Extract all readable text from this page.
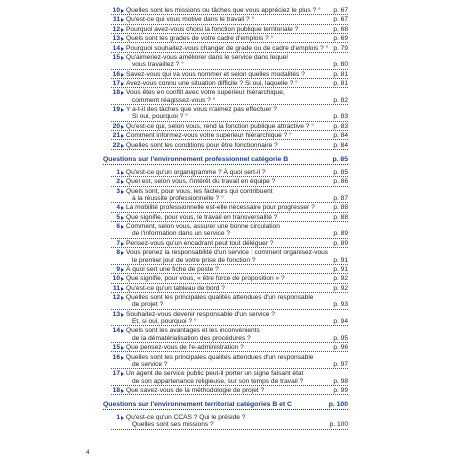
10 Quelles sont les missions ou tâches que vous appréciez le plus ? ° p. 67
11 Qu'est-ce qui vous motive dans le travail ? °	p. 67
12 Pourquoi avez-vous choisi la fonction publique territoriale ?	p. 68
13 Quels sont les grades de votre cadre d'emplois ? °	p. 69
14 Pourquoi souhaitez-vous changer de grade ou de cadre d'emplois ? ° p. 79
15 Qu'aimeriez-vous améliorer dans le service dans lequel
vous travaillez ? °	p. 80
16 Savez-vous qui va vous nommer et selon quelles modalités ?	p. 81
17 Avez-vous connu une situation difficile ? Si oui, laquelle ? °	p. 81
18 Vous êtes en conflit avec votre supérieur hiérarchique,
comment réagissez-vous ? °	p. 82
19 Y a-t-il des tâches que vous n'aimez pas effectuer ?
Si oui, pourquoi ? °	p. 83
20 Qu'est-ce qui, selon vous, rend la fonction publique attractive ? °	p. 83
21 Comment informez-vous votre supérieur hiérarchique ? °	p. 84
22 Quelles sont les conditions pour être fonctionnaire ?	p. 84
Questions sur l'environnement professionnel catégorie B	p. 85
1 Qu'est-ce qu'un organigramme ? À quoi sert-il ?	p. 85
2 Quel est, selon vous, l'intérêt du travail en équipe ?	p. 86
3 Quels sont, pour vous, les facteurs qui contribuent
à la réussite professionnelle ? °	p. 87
4 La mobilité professionnelle est-elle nécessaire pour progresser ?	p. 88
5 Que signifie, pour vous, le travail en transversalité ?	p. 88
6 Comment, selon vous, assurer une bonne circulation
de l'information dans un service ?	p. 89
7 Pensez-vous qu'un encadrant peut tout déléguer ?	p. 89
8 Vous prenez la responsabilité d'un service : comment organisez-vous
le premier jour de votre prise de fonction ?	p. 91
9 À quoi sert une fiche de poste ?	p. 91
10 Que signifie, pour vous, « être force de proposition » ?	p. 92
11 Qu'est-ce qu'un tableau de bord ?	p. 92
12 Quelles sont les principales qualités attendues d'un responsable
de projet ?	p. 93
13 Souhaitez-vous devenir responsable d'un service ?
Et, si oui, pourquoi ? °	p. 94
14 Quels sont les avantages et les inconvénients
de la dématérialisation des procédures ?	p. 95
15 Que pensez-vous de l'e-administration ?	p. 96
16 Quelles sont les principales qualités attendues d'un responsable
de service ?	p. 97
17 Un agent de service public peut-il porter un signe faisant état
de son appartenance religieuse, sur son temps de travail ?	p. 98
18 Que savez-vous de la méthodologie de projet ?	p. 99
Questions sur l'environnement territorial catégories B et C	p. 100
1 Qu'est-ce qu'un CCAS ? Qui le préside ?
Quelles sont ses missions ?	p. 100
4
